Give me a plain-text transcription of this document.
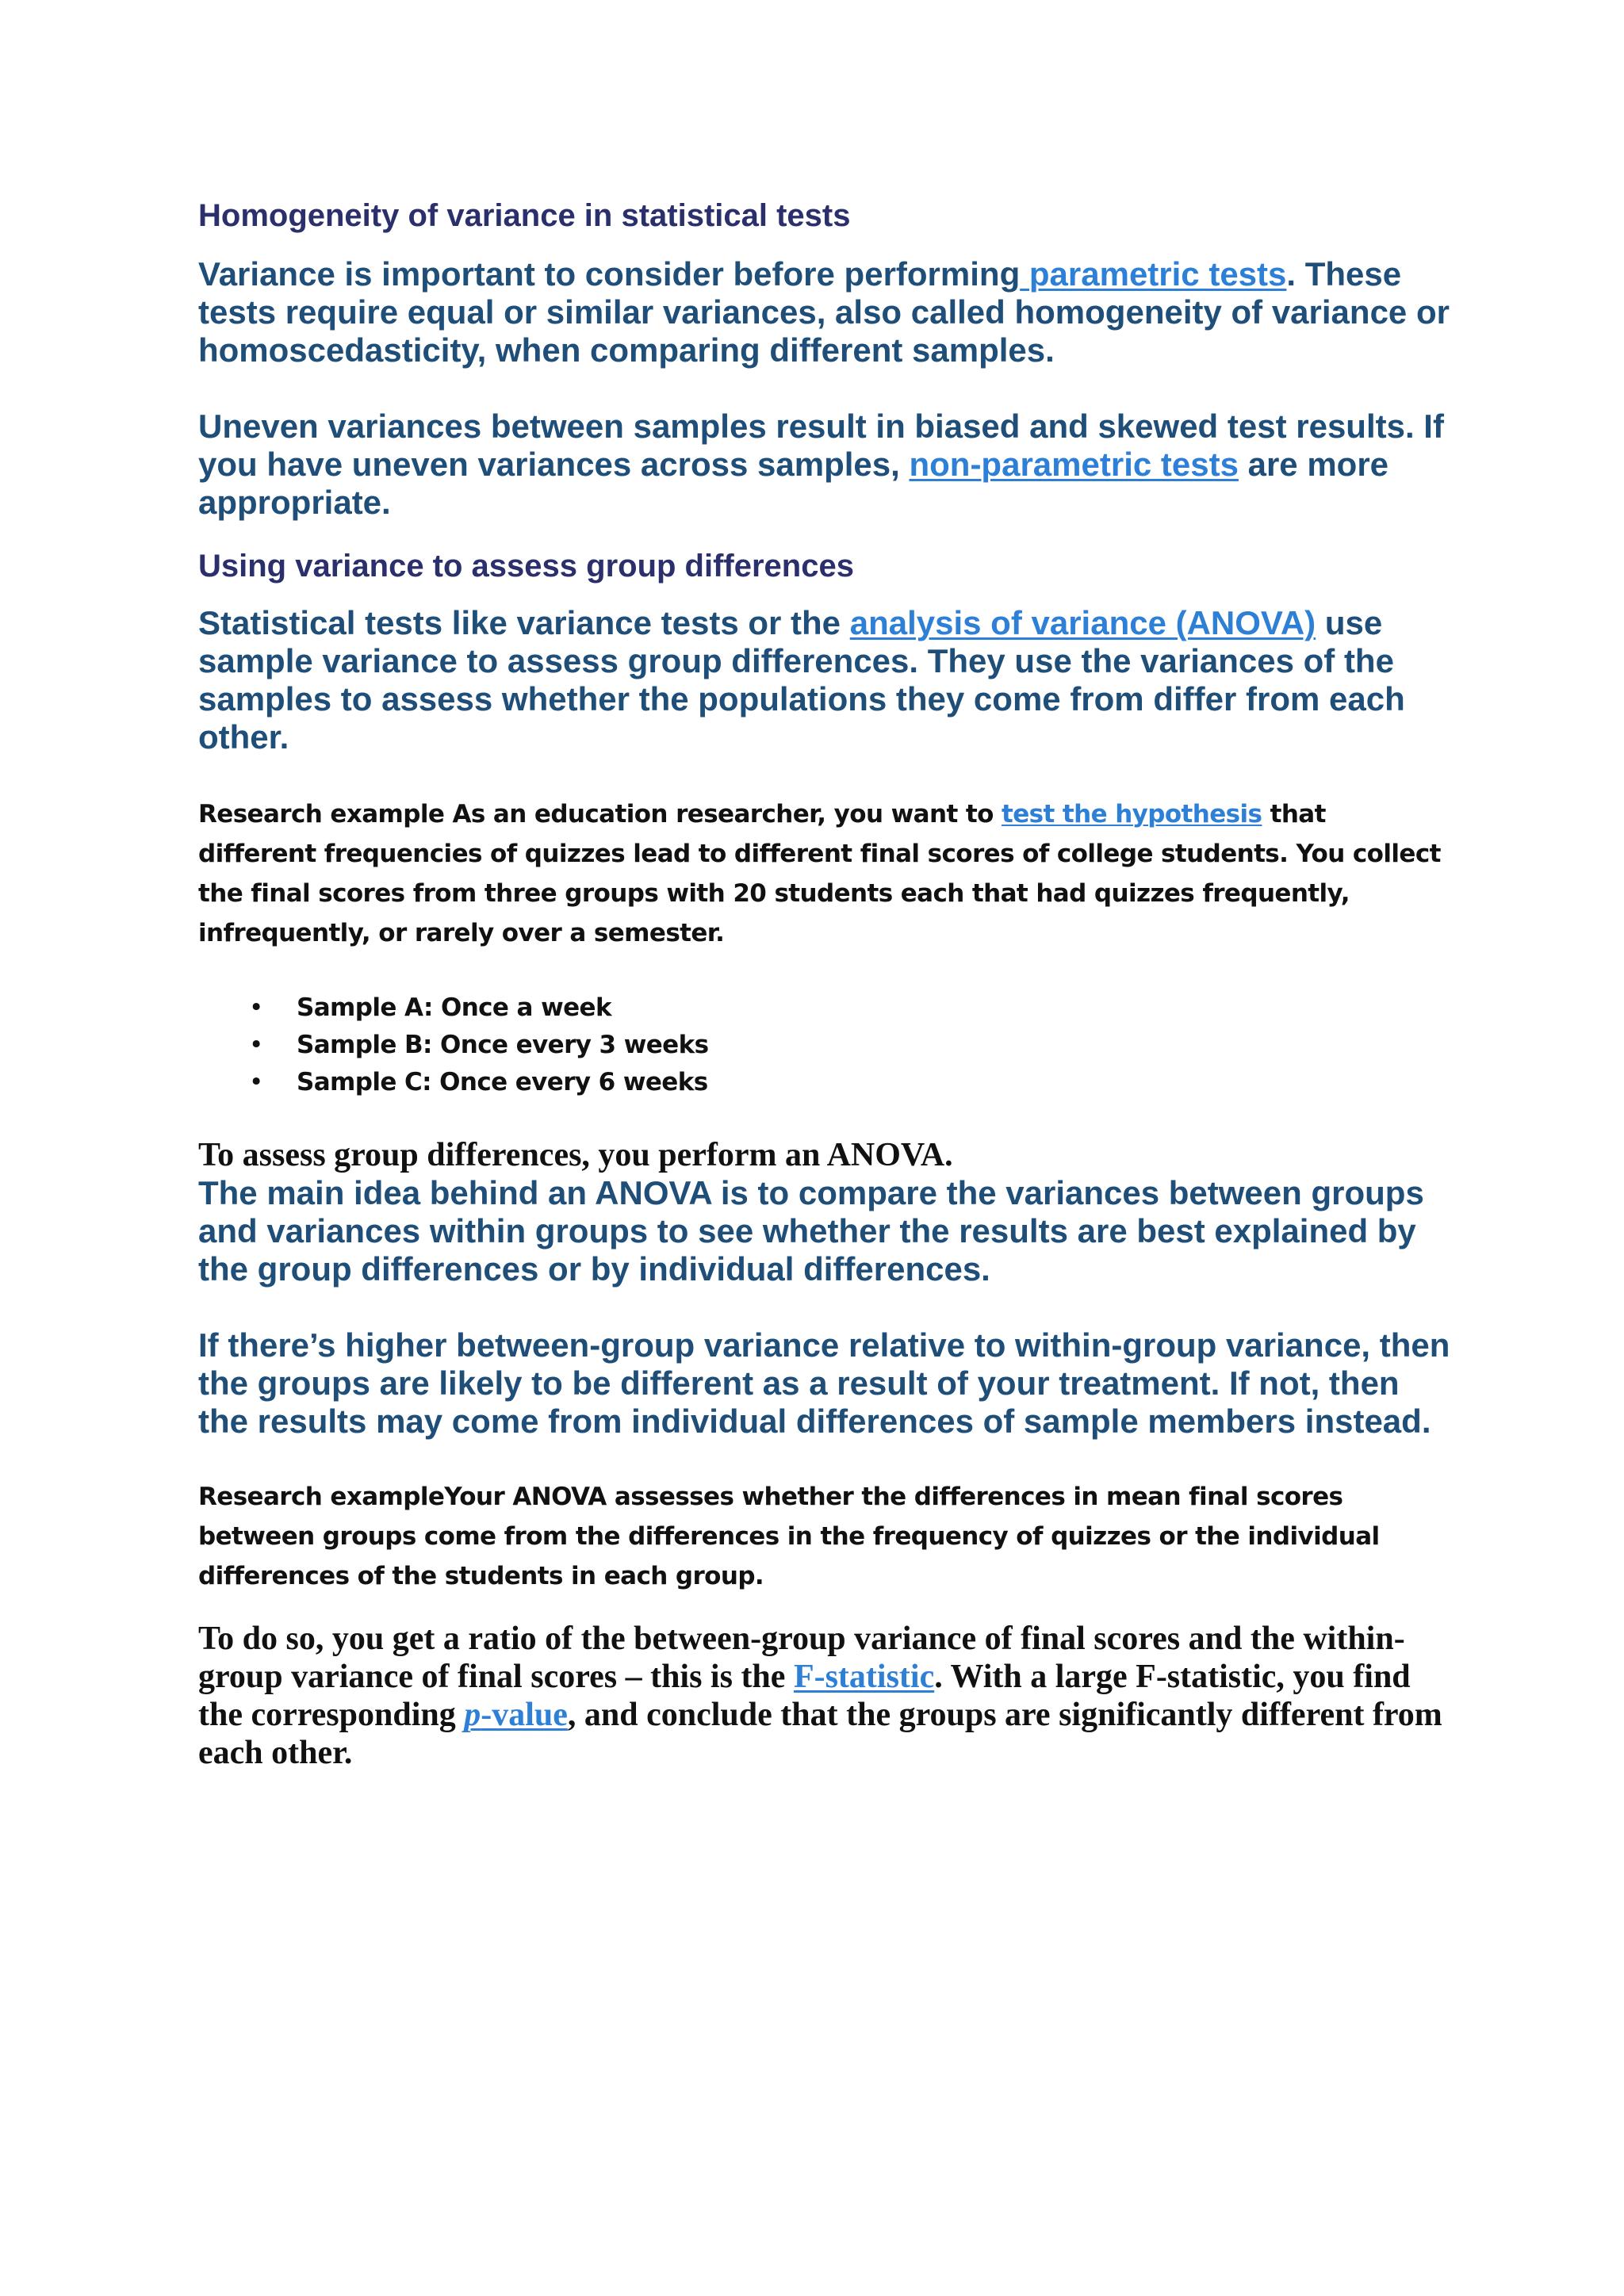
Homogeneity of variance in statistical tests

Variance is important to consider before performing parametric tests. These tests require equal or similar variances, also called homogeneity of variance or homoscedasticity, when comparing different samples.

Uneven variances between samples result in biased and skewed test results. If you have uneven variances across samples, non-parametric tests are more appropriate.

Using variance to assess group differences

Statistical tests like variance tests or the analysis of variance (ANOVA) use sample variance to assess group differences. They use the variances of the samples to assess whether the populations they come from differ from each other.

Research example As an education researcher, you want to test the hypothesis that different frequencies of quizzes lead to different final scores of college students. You collect the final scores from three groups with 20 students each that had quizzes frequently, infrequently, or rarely over a semester.

• Sample A: Once a week
• Sample B: Once every 3 weeks
• Sample C: Once every 6 weeks

To assess group differences, you perform an ANOVA.

The main idea behind an ANOVA is to compare the variances between groups and variances within groups to see whether the results are best explained by the group differences or by individual differences.

If there’s higher between-group variance relative to within-group variance, then the groups are likely to be different as a result of your treatment. If not, then the results may come from individual differences of sample members instead.

Research exampleYour ANOVA assesses whether the differences in mean final scores between groups come from the differences in the frequency of quizzes or the individual differences of the students in each group.

To do so, you get a ratio of the between-group variance of final scores and the within-group variance of final scores – this is the F-statistic. With a large F-statistic, you find the corresponding p-value, and conclude that the groups are significantly different from each other.
